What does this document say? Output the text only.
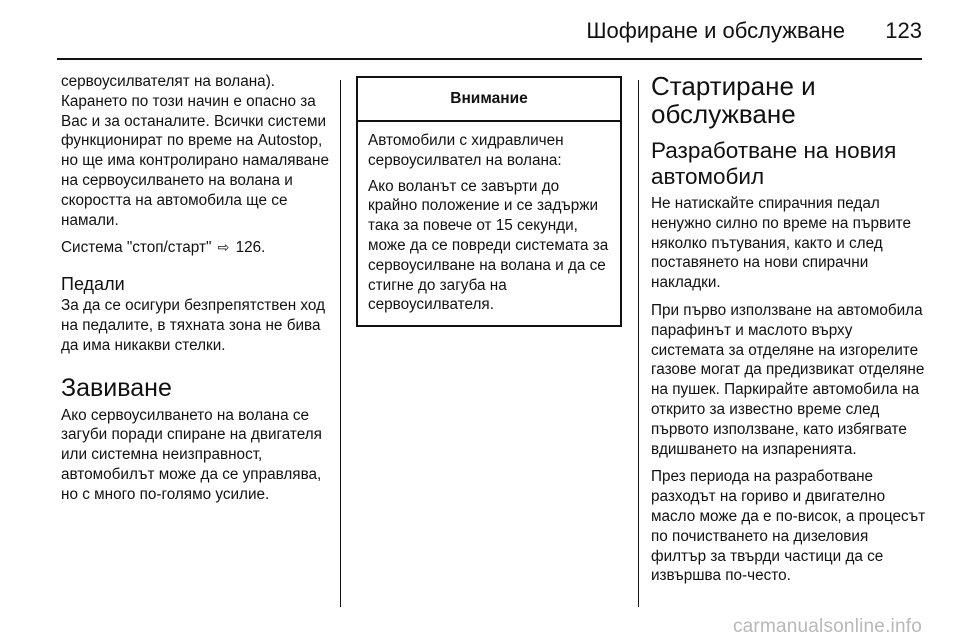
Шофиране и обслужване 123

сервоусилвателят на волана). Карането по този начин е опасно за Вас и за останалите. Всички системи функционират по време на Autostop, но ще има контролирано намаляване на сервоусилването на волана и скоростта на автомобила ще се намали.

Система "стоп/старт" ⇨ 126.

Педали

За да се осигури безпрепятствен ход на педалите, в тяхната зона не бива да има никакви стелки.

Завиване

Ако сервоусилването на волана се загуби поради спиране на двигателя или системна неизправност, автомобилът може да се управлява, но с много по-голямо усилие.

Внимание

Автомобили с хидравличен сервоусилвател на волана:

Ако воланът се завърти до крайно положение и се задържи така за повече от 15 секунди, може да се повреди системата за сервоусилване на волана и да се стигне до загуба на сервоусилвателя.

Стартиране и обслужване
Разработване на новия автомобил

Не натискайте спирачния педал ненужно силно по време на първите няколко пътувания, както и след поставянето на нови спирачни накладки.

При първо използване на автомобила парафинът и маслото върху системата за отделяне на изгорелите газове могат да предизвикат отделяне на пушек. Паркирайте автомобила на открито за известно време след първото използване, като избягвате вдишването на изпаренията.

През периода на разработване разходът на гориво и двигателно масло може да е по-висок, а процесът по почистването на дизеловия филтър за твърди частици да се извършва по-често.

carmanualsonline.info
